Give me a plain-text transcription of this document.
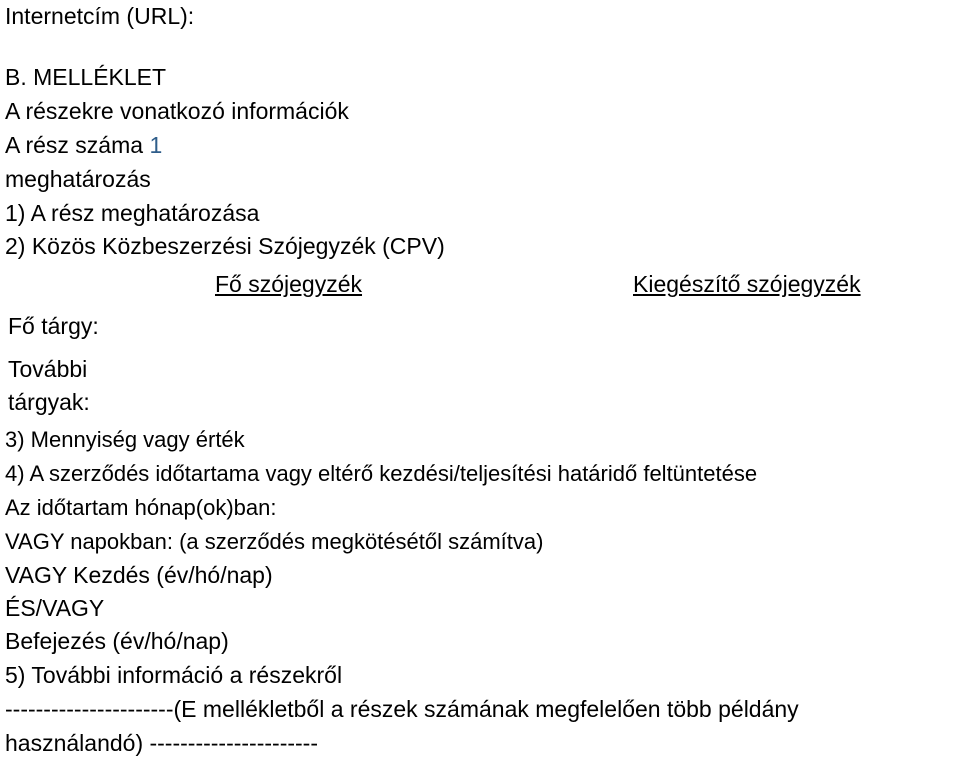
Internetcím (URL):
B. MELLÉKLET
A részekre vonatkozó információk
A rész száma 1
meghatározás
1) A rész meghatározása
2) Közös Közbeszerzési Szójegyzék (CPV)
Fő szójegyzék	Kiegészítő szójegyzék
Fő tárgy:
További
tárgyak:
3) Mennyiség vagy érték
4) A szerződés időtartama vagy eltérő kezdési/teljesítési határidő feltüntetése
Az időtartam hónap(ok)ban:
VAGY napokban: (a szerződés megkötésétől számítva)
VAGY Kezdés (év/hó/nap)
ÉS/VAGY
Befejezés (év/hó/nap)
5) További információ a részekről
----------------------(E mellékletből a részek számának megfelelően több példány
használandó) ----------------------
